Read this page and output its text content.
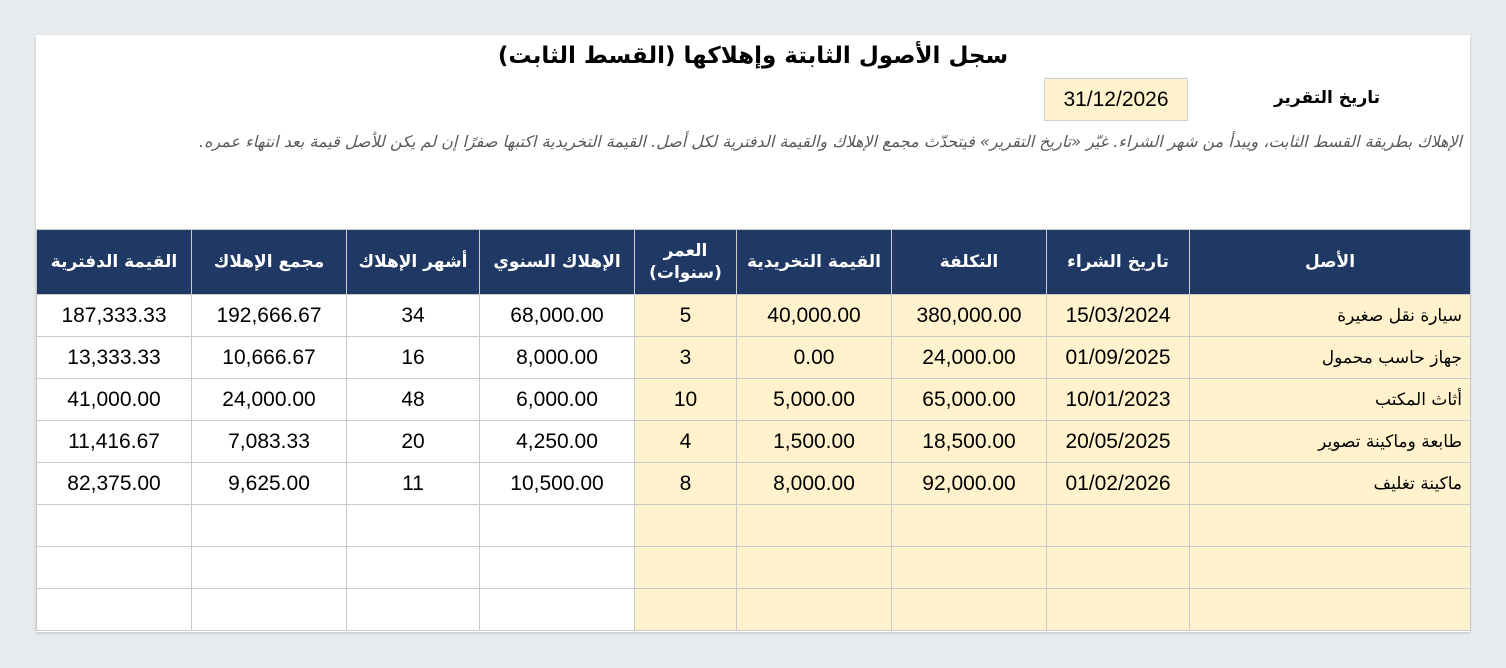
سجل الأصول الثابتة وإهلاكها (القسط الثابت)
تاريخ التقرير
31/12/2026
الإهلاك بطريقة القسط الثابت، ويبدأ من شهر الشراء. غيّر «تاريخ التقرير» فيتحدّث مجمع الإهلاك والقيمة الدفترية لكل أصل. القيمة التخريدية اكتبها صفرًا إن لم يكن للأصل قيمة بعد انتهاء عمره.
الأصل	تاريخ الشراء	التكلفة	القيمة التخريدية	العمر (سنوات)	الإهلاك السنوي	أشهر الإهلاك	مجمع الإهلاك	القيمة الدفترية
سيارة نقل صغيرة	15/03/2024	380,000.00	40,000.00	5	68,000.00	34	192,666.67	187,333.33
جهاز حاسب محمول	01/09/2025	24,000.00	0.00	3	8,000.00	16	10,666.67	13,333.33
أثاث المكتب	10/01/2023	65,000.00	5,000.00	10	6,000.00	48	24,000.00	41,000.00
طابعة وماكينة تصوير	20/05/2025	18,500.00	1,500.00	4	4,250.00	20	7,083.33	11,416.67
ماكينة تغليف	01/02/2026	92,000.00	8,000.00	8	10,500.00	11	9,625.00	82,375.00
